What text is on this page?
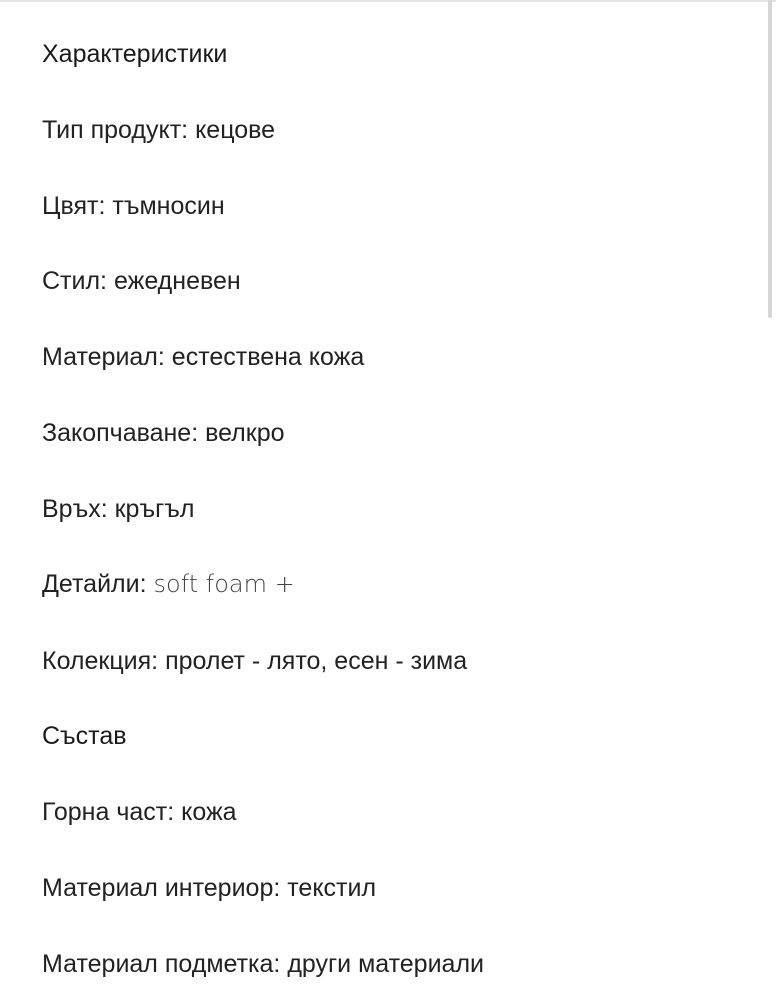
Характеристики
Тип продукт: кецове
Цвят: тъмносин
Стил: ежедневен
Материал: естествена кожа
Закопчаване: велкро
Връх: кръгъл
Детайли: soft foam +
Колекция: пролет - лято, есен - зима
Състав
Горна част: кожа
Материал интериор: текстил
Материал подметка: други материали
